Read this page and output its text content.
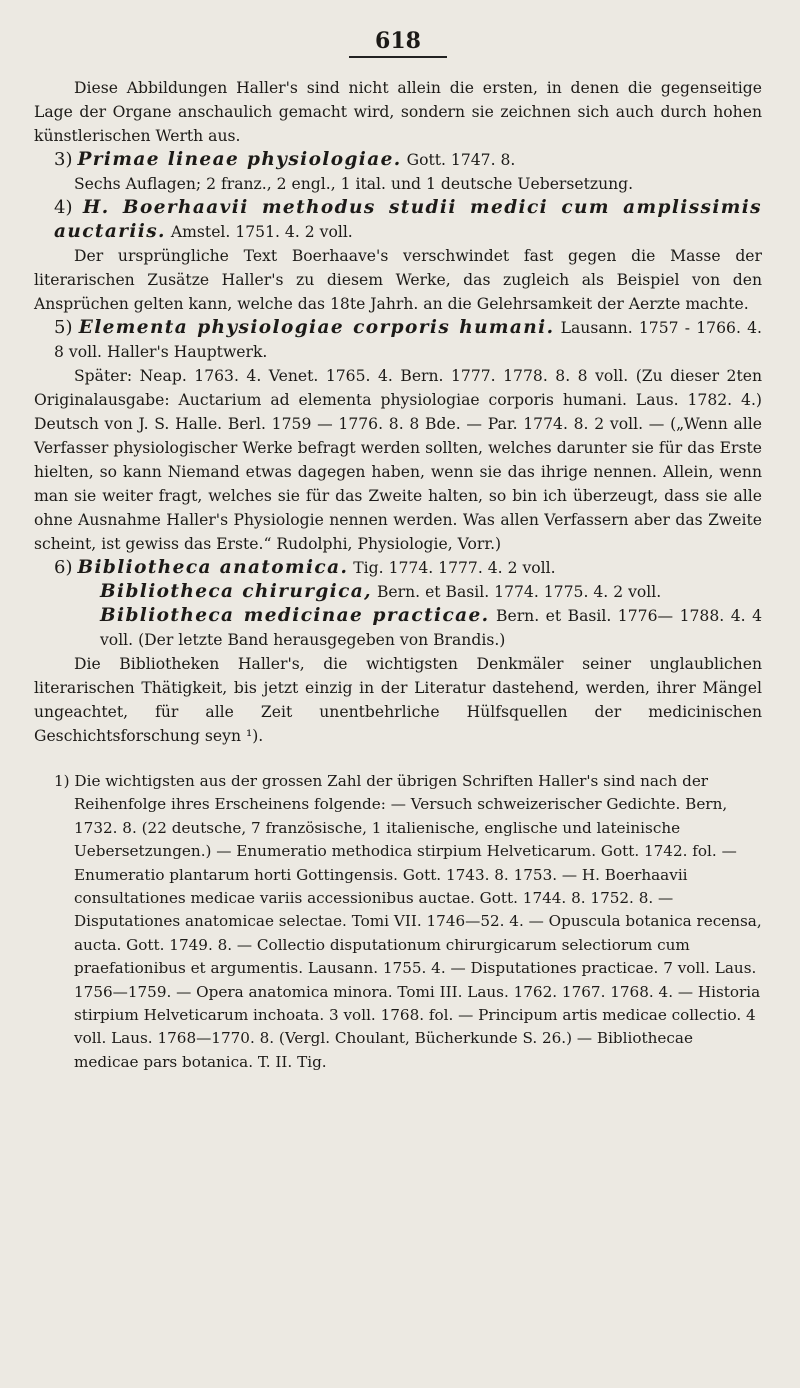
618

Diese Abbildungen Haller's sind nicht allein die ersten, in denen die gegenseitige Lage der Organe anschaulich gemacht wird, sondern sie zeichnen sich auch durch hohen künstlerischen Werth aus.

3) Primae lineae physiologiae. Gott. 1747. 8.

Sechs Auflagen; 2 franz., 2 engl., 1 ital. und 1 deutsche Uebersetzung.

4) H. Boerhaavii methodus studii medici cum amplissimis auctariis. Amstel. 1751. 4. 2 voll.

Der ursprüngliche Text Boerhaave's verschwindet fast gegen die Masse der literarischen Zusätze Haller's zu diesem Werke, das zugleich als Beispiel von den Ansprüchen gelten kann, welche das 18te Jahrh. an die Gelehrsamkeit der Aerzte machte.

5) Elementa physiologiae corporis humani. Lausann. 1757 - 1766. 4. 8 voll. Haller's Hauptwerk.

Später: Neap. 1763. 4. Venet. 1765. 4. Bern. 1777. 1778. 8. 8 voll. (Zu dieser 2ten Originalausgabe: Auctarium ad elementa physiologiae corporis humani. Laus. 1782. 4.) Deutsch von J. S. Halle. Berl. 1759 — 1776. 8. 8 Bde. — Par. 1774. 8. 2 voll. — („Wenn alle Verfasser physiologischer Werke befragt werden sollten, welches darunter sie für das Erste hielten, so kann Niemand etwas dagegen haben, wenn sie das ihrige nennen. Allein, wenn man sie weiter fragt, welches sie für das Zweite halten, so bin ich überzeugt, dass sie alle ohne Ausnahme Haller's Physiologie nennen werden. Was allen Verfassern aber das Zweite scheint, ist gewiss das Erste.“ Rudolphi, Physiologie, Vorr.)

6) Bibliotheca anatomica. Tig. 1774. 1777. 4. 2 voll.
Bibliotheca chirurgica, Bern. et Basil. 1774. 1775. 4. 2 voll.
Bibliotheca medicinae practicae. Bern. et Basil. 1776— 1788. 4. 4 voll. (Der letzte Band herausgegeben von Brandis.)

Die Bibliotheken Haller's, die wichtigsten Denkmäler seiner unglaublichen literarischen Thätigkeit, bis jetzt einzig in der Literatur dastehend, werden, ihrer Mängel ungeachtet, für alle Zeit unentbehrliche Hülfsquellen der medicinischen Geschichtsforschung seyn ¹).

1) Die wichtigsten aus der grossen Zahl der übrigen Schriften Haller's sind nach der Reihenfolge ihres Erscheinens folgende: — Versuch schweizerischer Gedichte. Bern, 1732. 8. (22 deutsche, 7 französische, 1 italienische, englische und lateinische Uebersetzungen.) — Enumeratio methodica stirpium Helveticarum. Gott. 1742. fol. — Enumeratio plantarum horti Gottingensis. Gott. 1743. 8. 1753. — H. Boerhaavii consultationes medicae variis accessionibus auctae. Gott. 1744. 8. 1752. 8. — Disputationes anatomicae selectae. Tomi VII. 1746—52. 4. — Opuscula botanica recensa, aucta. Gott. 1749. 8. — Collectio disputationum chirurgicarum selectiorum cum praefationibus et argumentis. Lausann. 1755. 4. — Disputationes practicae. 7 voll. Laus. 1756—1759. — Opera anatomica minora. Tomi III. Laus. 1762. 1767. 1768. 4. — Historia stirpium Helveticarum inchoata. 3 voll. 1768. fol. — Principum artis medicae collectio. 4 voll. Laus. 1768—1770. 8. (Vergl. Choulant, Bücherkunde S. 26.) — Bibliothecae medicae pars botanica. T. II. Tig.
